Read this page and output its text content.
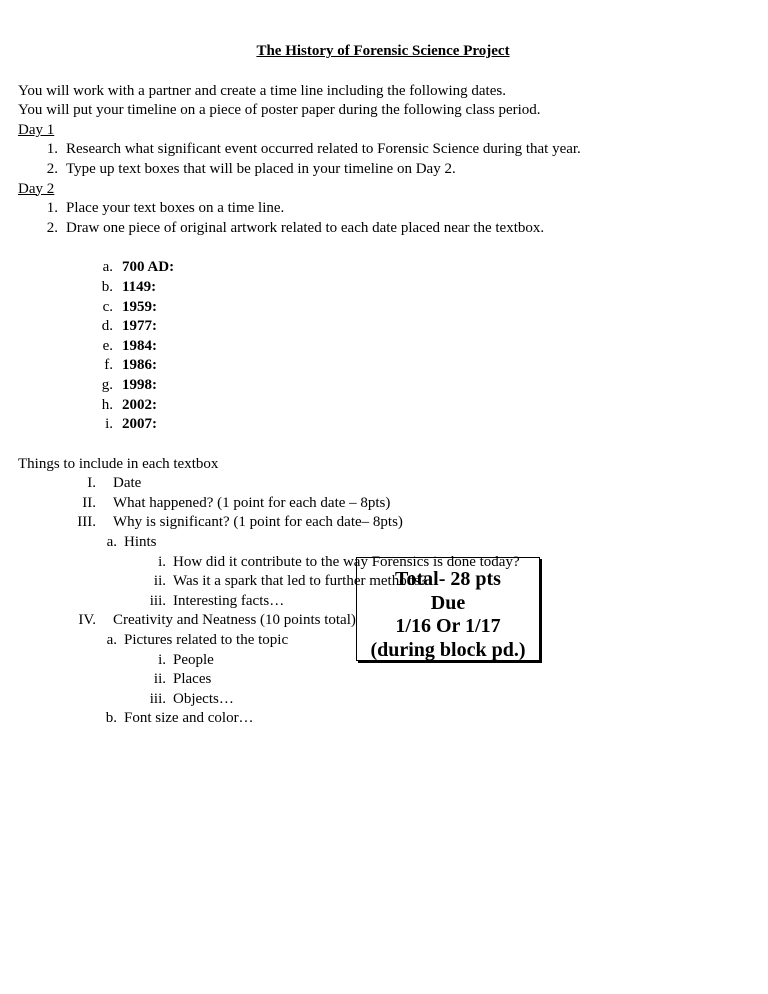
The History of Forensic Science Project

You will work with a partner and create a time line including the following dates.

You will put your timeline on a piece of poster paper during the following class period.

Day 1

1. Research what significant event occurred related to Forensic Science during that year.
2. Type up text boxes that will be placed in your timeline on Day 2.

Day 2

1. Place your text boxes on a time line.
2. Draw one piece of original artwork related to each date placed near the textbox.
a. 700 AD:
b. 1149:
c. 1959:
d. 1977:
e. 1984:
f. 1986:
g. 1998:
h. 2002:
i. 2007:

Things to include in each textbox

I.	Date
II.	What happened? (1 point for each date – 8pts)
III.	Why is significant? (1 point for each date– 8pts)
a. Hints
i. How did it contribute to the way Forensics is done today?
ii. Was it a spark that led to further methods?
iii. Interesting facts…
IV.	Creativity and Neatness (10 points total)
a. Pictures related to the topic
i. People
ii. Places
iii. Objects…
b. Font size and color…
Total- 28 pts
Due
1/16 Or 1/17
(during block pd.)
